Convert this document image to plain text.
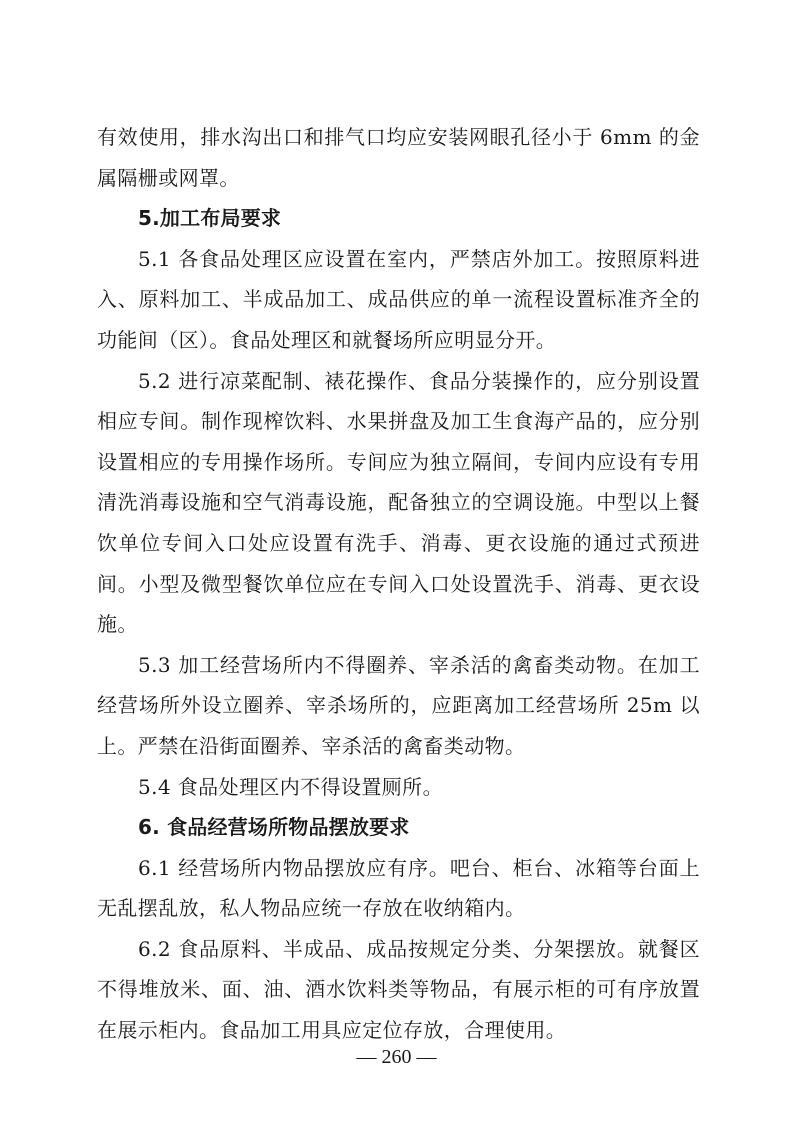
有效使用，排水沟出口和排气口均应安装网眼孔径小于 6mm 的金属隔栅或网罩。

5.加工布局要求

5.1 各食品处理区应设置在室内，严禁店外加工。按照原料进入、原料加工、半成品加工、成品供应的单一流程设置标准齐全的功能间（区）。食品处理区和就餐场所应明显分开。

5.2 进行凉菜配制、裱花操作、食品分装操作的，应分别设置相应专间。制作现榨饮料、水果拼盘及加工生食海产品的，应分别设置相应的专用操作场所。专间应为独立隔间，专间内应设有专用清洗消毒设施和空气消毒设施，配备独立的空调设施。中型以上餐饮单位专间入口处应设置有洗手、消毒、更衣设施的通过式预进间。小型及微型餐饮单位应在专间入口处设置洗手、消毒、更衣设施。

5.3 加工经营场所内不得圈养、宰杀活的禽畜类动物。在加工经营场所外设立圈养、宰杀场所的，应距离加工经营场所 25m 以上。严禁在沿街面圈养、宰杀活的禽畜类动物。

5.4 食品处理区内不得设置厕所。

6. 食品经营场所物品摆放要求

6.1 经营场所内物品摆放应有序。吧台、柜台、冰箱等台面上无乱摆乱放，私人物品应统一存放在收纳箱内。

6.2 食品原料、半成品、成品按规定分类、分架摆放。就餐区不得堆放米、面、油、酒水饮料类等物品，有展示柜的可有序放置在展示柜内。食品加工用具应定位存放，合理使用。

— 260 —
